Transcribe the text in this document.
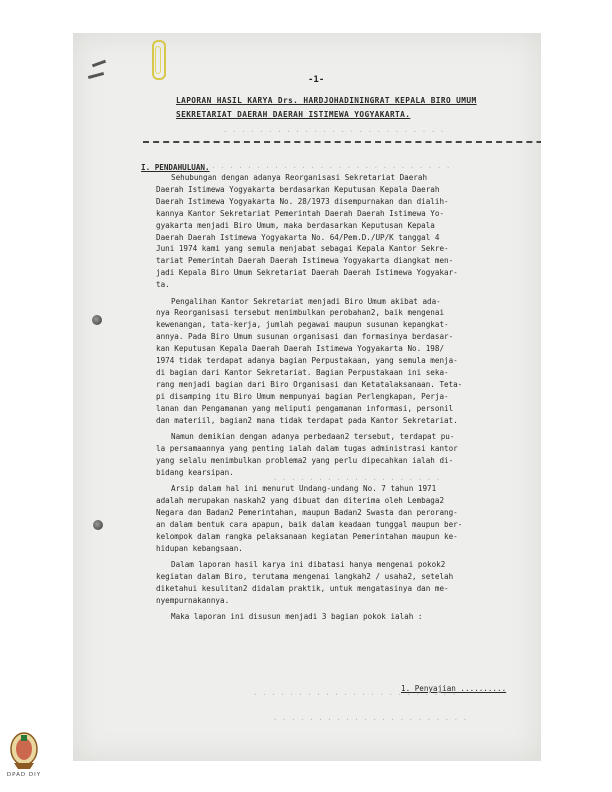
. . . . . . . . . . . . . . . . . . . . . . . . .
. . . . . . . . . . . . . . . . . . . . . . . . . . . . .
. . . . . . . . . . . . . . . . . . .
. . . . . . . . . . . . . . . . . . . . . . .
. . . . . . . . . . . . . . . . . . . . . .
-1-
LAPORAN HASIL KARYA Drs. HARDJOHADININGRAT KEPALA BIRO UMUM
SEKRETARIAT DAERAH DAERAH ISTIMEWA YOGYAKARTA.
I. PENDAHULUAN.
Sehubungan dengan adanya Reorganisasi Sekretariat Daerah
Daerah Istimewa Yogyakarta berdasarkan Keputusan Kepala Daerah
Daerah Istimewa Yogyakarta No. 28/1973 disempurnakan dan dialih-
kannya Kantor Sekretariat Pemerintah Daerah Daerah Istimewa Yo-
gyakarta menjadi Biro Umum, maka berdasarkan Keputusan Kepala
Daerah Daerah Istimewa Yogyakarta No. 64/Pem.D./UP/K tanggal 4
Juni 1974 kami yang semula menjabat sebagai Kepala Kantor Sekre-
tariat Pemerintah Daerah Daerah Istimewa Yogyakarta diangkat men-
jadi Kepala Biro Umum Sekretariat Daerah Daerah Istimewa Yogyakar-
ta.
Pengalihan Kantor Sekretariat menjadi Biro Umum akibat ada-
nya Reorganisasi tersebut menimbulkan perobahan2, baik mengenai
kewenangan, tata-kerja, jumlah pegawai maupun susunan kepangkat-
annya. Pada Biro Umum susunan organisasi dan formasinya berdasar-
kan Keputusan Kepala Daerah Daerah Istimewa Yogyakarta No. 198/
1974 tidak terdapat adanya bagian Perpustakaan, yang semula menja-
di bagian dari Kantor Sekretariat. Bagian Perpustakaan ini seka-
rang menjadi bagian dari Biro Organisasi dan Ketatalaksanaan. Teta-
pi disamping itu Biro Umum mempunyai bagian Perlengkapan, Perja-
lanan dan Pengamanan yang meliputi pengamanan informasi, personil
dan materiil, bagian2 mana tidak terdapat pada Kantor Sekretariat.
Namun demikian dengan adanya perbedaan2 tersebut, terdapat pu-
la persamaannya yang penting ialah dalam tugas administrasi kantor
yang selalu menimbulkan problema2 yang perlu dipecahkan ialah di-
bidang kearsipan.
Arsip dalam hal ini menurut Undang-undang No. 7 tahun 1971
adalah merupakan naskah2 yang dibuat dan diterima oleh Lembaga2
Negara dan Badan2 Pemerintahan, maupun Badan2 Swasta dan perorang-
an dalam bentuk cara apapun, baik dalam keadaan tunggal maupun ber-
kelompok dalam rangka pelaksanaan kegiatan Pemerintahan maupun ke-
hidupan kebangsaan.
Dalam laporan hasil karya ini dibatasi hanya mengenai pokok2
kegiatan dalam Biro, terutama mengenai langkah2 / usaha2, setelah
diketahui kesulitan2 didalam praktik, untuk mengatasinya dan me-
nyempurnakannya.
Maka laporan ini disusun menjadi 3 bagian pokok ialah :
1. Penyajian ..........
DPAD DIY
